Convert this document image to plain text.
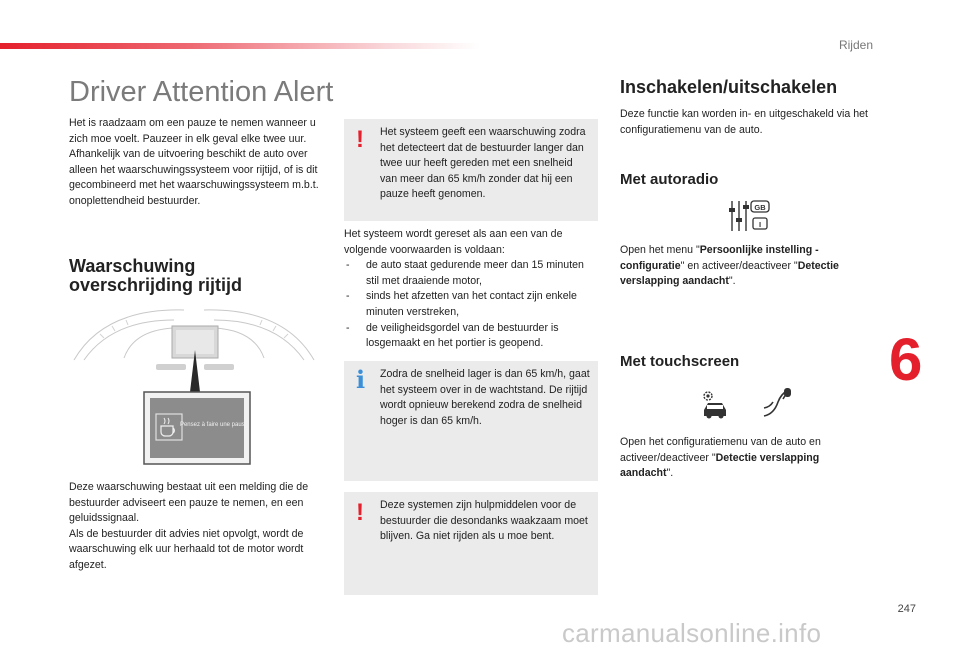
Rijden
6
247
carmanualsonline.info
Driver Attention Alert
Het is raadzaam om een pauze te nemen wanneer u zich moe voelt. Pauzeer in elk geval elke twee uur.
Afhankelijk van de uitvoering beschikt de auto over alleen het waarschuwingssysteem voor rijtijd, of is dit gecombineerd met het waarschuwingssysteem m.b.t. onoplettendheid bestuurder.
Waarschuwing overschrijding rijtijd
Pensez à faire une pause
Deze waarschuwing bestaat uit een melding die de bestuurder adviseert een pauze te nemen, en een geluidssignaal.
Als de bestuurder dit advies niet opvolgt, wordt de waarschuwing elk uur herhaald tot de motor wordt afgezet.
! Het systeem geeft een waarschuwing zodra het detecteert dat de bestuurder langer dan twee uur heeft gereden met een snelheid van meer dan 65 km/h zonder dat hij een pauze heeft genomen.
Het systeem wordt gereset als aan een van de volgende voorwaarden is voldaan:
- de auto staat gedurende meer dan 15 minuten stil met draaiende motor,
- sinds het afzetten van het contact zijn enkele minuten verstreken,
- de veiligheidsgordel van de bestuurder is losgemaakt en het portier is geopend.
i Zodra de snelheid lager is dan 65 km/h, gaat het systeem over in de wachtstand. De rijtijd wordt opnieuw berekend zodra de snelheid hoger is dan 65 km/h.
! Deze systemen zijn hulpmiddelen voor de bestuurder die desondanks waakzaam moet blijven. Ga niet rijden als u moe bent.
Inschakelen/uitschakelen
Deze functie kan worden in- en uitgeschakeld via het configuratiemenu van de auto.
Met autoradio
GB
I
Open het menu "Persoonlijke instelling - configuratie" en activeer/deactiveer "Detectie verslapping aandacht".
Met touchscreen
Open het configuratiemenu van de auto en activeer/deactiveer "Detectie verslapping aandacht".
